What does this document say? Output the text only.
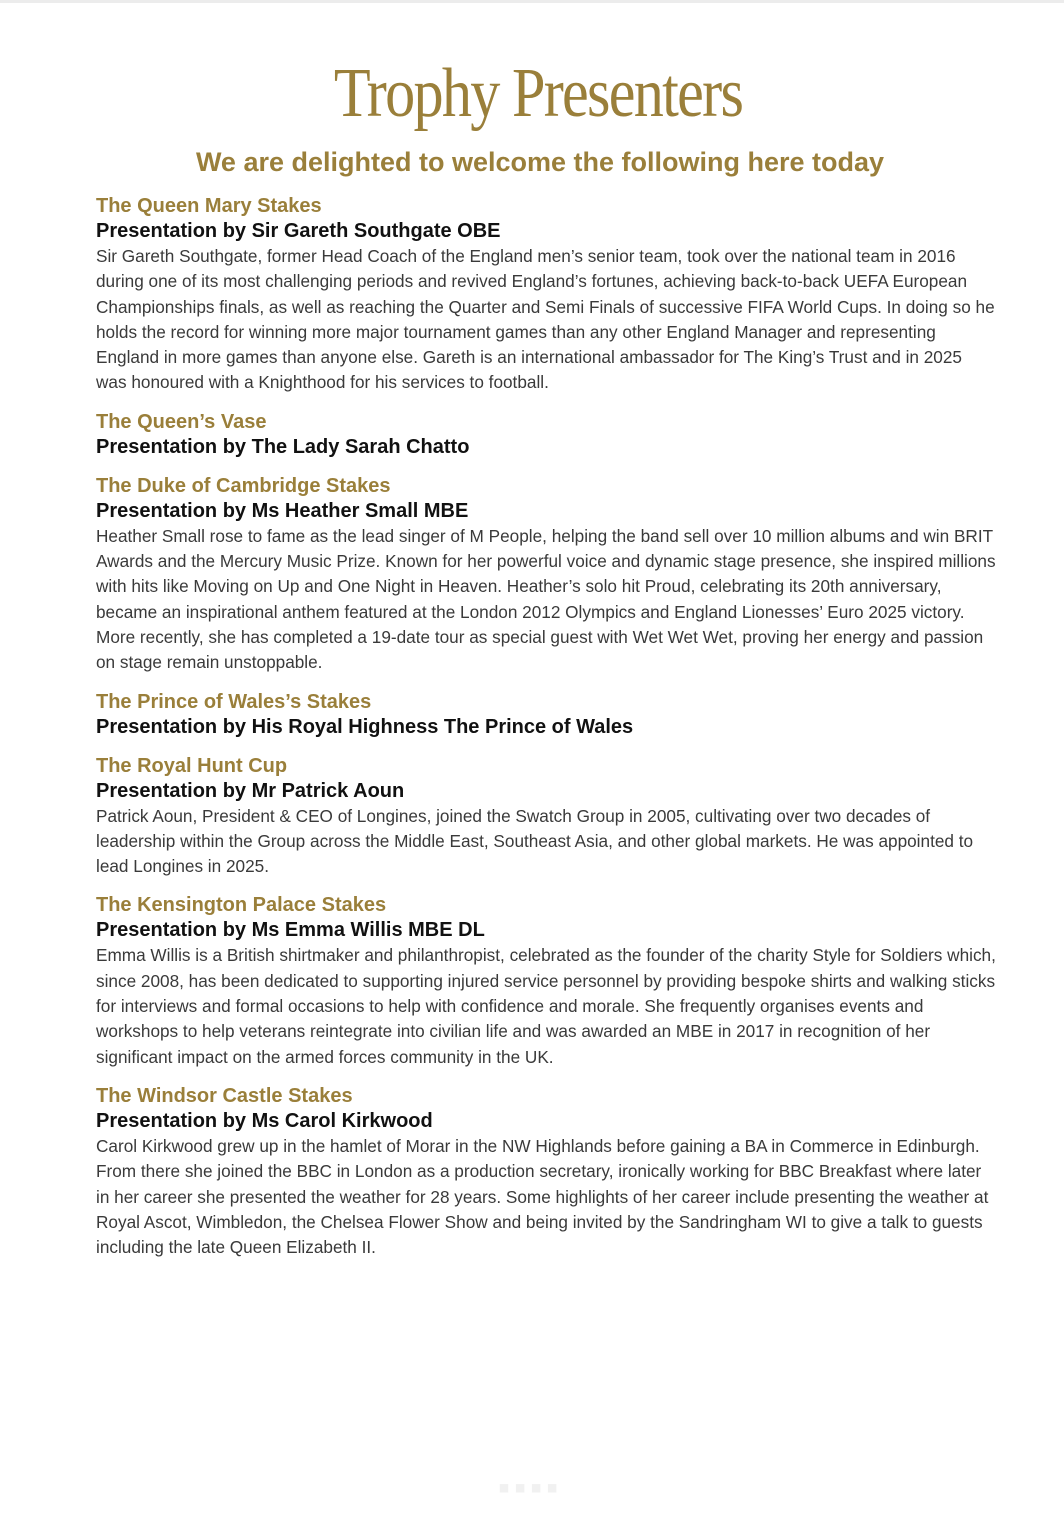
Trophy Presenters
We are delighted to welcome the following here today

The Queen Mary Stakes

Presentation by Sir Gareth Southgate OBE

Sir Gareth Southgate, former Head Coach of the England men’s senior team, took over the national team in 2016 during one of its most challenging periods and revived England’s fortunes, achieving back-to-back UEFA European Championships finals, as well as reaching the Quarter and Semi Finals of successive FIFA World Cups. In doing so he holds the record for winning more major tournament games than any other England Manager and representing England in more games than anyone else. Gareth is an international ambassador for The King’s Trust and in 2025 was honoured with a Knighthood for his services to football.

The Queen’s Vase

Presentation by The Lady Sarah Chatto

The Duke of Cambridge Stakes

Presentation by Ms Heather Small MBE

Heather Small rose to fame as the lead singer of M People, helping the band sell over 10 million albums and win BRIT Awards and the Mercury Music Prize. Known for her powerful voice and dynamic stage presence, she inspired millions with hits like Moving on Up and One Night in Heaven. Heather’s solo hit Proud, celebrating its 20th anniversary, became an inspirational anthem featured at the London 2012 Olympics and England Lionesses’ Euro 2025 victory. More recently, she has completed a 19-date tour as special guest with Wet Wet Wet, proving her energy and passion on stage remain unstoppable.

The Prince of Wales’s Stakes

Presentation by His Royal Highness The Prince of Wales

The Royal Hunt Cup

Presentation by Mr Patrick Aoun

Patrick Aoun, President & CEO of Longines, joined the Swatch Group in 2005, cultivating over two decades of leadership within the Group across the Middle East, Southeast Asia, and other global markets. He was appointed to lead Longines in 2025.

The Kensington Palace Stakes

Presentation by Ms Emma Willis MBE DL

Emma Willis is a British shirtmaker and philanthropist, celebrated as the founder of the charity Style for Soldiers which, since 2008, has been dedicated to supporting injured service personnel by providing bespoke shirts and walking sticks for interviews and formal occasions to help with confidence and morale. She frequently organises events and workshops to help veterans reintegrate into civilian life and was awarded an MBE in 2017 in recognition of her significant impact on the armed forces community in the UK.

The Windsor Castle Stakes

Presentation by Ms Carol Kirkwood

Carol Kirkwood grew up in the hamlet of Morar in the NW Highlands before gaining a BA in Commerce in Edinburgh. From there she joined the BBC in London as a production secretary, ironically working for BBC Breakfast where later in her career she presented the weather for 28 years. Some highlights of her career include presenting the weather at Royal Ascot, Wimbledon, the Chelsea Flower Show and being invited by the Sandringham WI to give a talk to guests including the late Queen Elizabeth II.

▪▪▪▪
